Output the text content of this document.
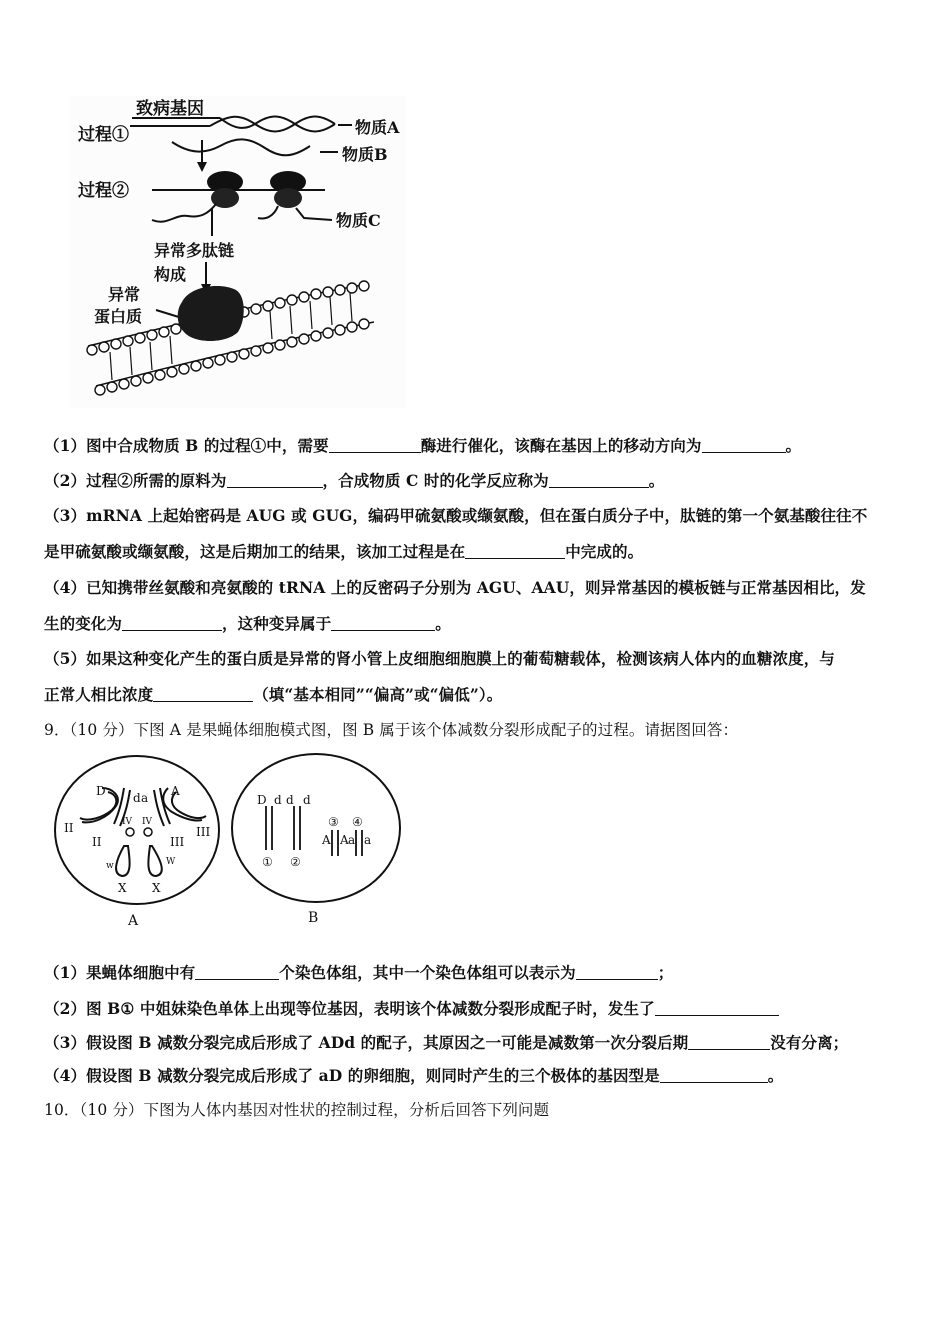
致病基因
物质A
过程①
物质B
过程②
物质C
异常多肽链
构成
异常
蛋白质
（1）图中合成物质 B 的过程①中，需要	酶进行催化，该酶在基因上的移动方向为	。
（2）过程②所需的原料为	，合成物质 C 时的化学反应称为	。
（3）mRNA 上起始密码是 AUG 或 GUG，编码甲硫氨酸或缬氨酸，但在蛋白质分子中，肽链的第一个氨基酸往往不
是甲硫氨酸或缬氨酸，这是后期加工的结果，该加工过程是在	中完成的。
（4）已知携带丝氨酸和亮氨酸的 tRNA 上的反密码子分别为 AGU、AAU，则异常基因的模板链与正常基因相比，发
生的变化为	，这种变异属于	。
（5）如果这种变化产生的蛋白质是异常的肾小管上皮细胞细胞膜上的葡萄糖载体，检测该病人体内的血糖浓度，与
正常人相比浓度	（填“基本相同”“偏高”或“偏低”）。
9．（10 分）下图 A 是果蝇体细胞模式图，图 B 属于该个体减数分裂形成配子的过程。请据图回答：
D d a A
II
II
IV IV
III
III
w	W
X X
A
D d d d
③ ④
A A a a
① ②
B
（1）果蝇体细胞中有	个染色体组，其中一个染色体组可以表示为	；
（2）图 B① 中姐妹染色单体上出现等位基因，表明该个体减数分裂形成配子时，发生了
（3）假设图 B 减数分裂完成后形成了 ADd 的配子，其原因之一可能是减数第一次分裂后期	没有分离；
（4）假设图 B 减数分裂完成后形成了 aD 的卵细胞，则同时产生的三个极体的基因型是	。
10．（10 分）下图为人体内基因对性状的控制过程，分析后回答下列问题
